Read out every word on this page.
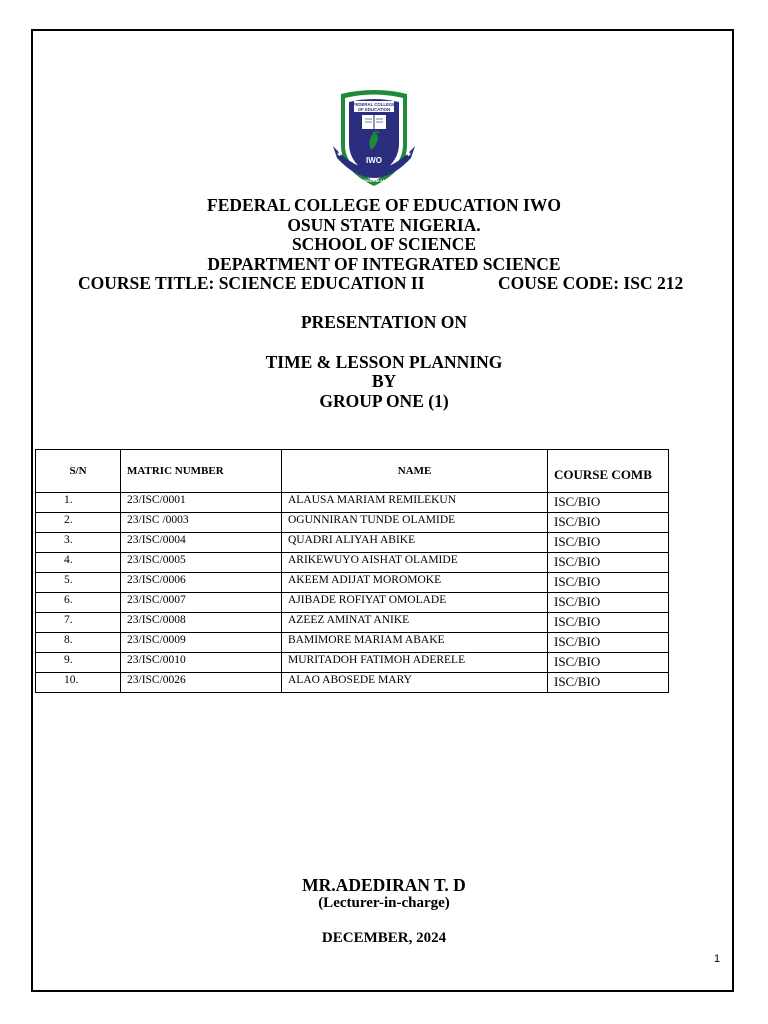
FEDERAL COLLEGE
OF EDUCATION
IWO
INTEGRITY, WISDOM AND DEFENCE
✱	✱
FEDERAL COLLEGE OF EDUCATION IWO
OSUN STATE NIGERIA.
SCHOOL OF SCIENCE
DEPARTMENT OF INTEGRATED SCIENCE
COURSE TITLE: SCIENCE EDUCATION II	COUSE CODE: ISC 212
PRESENTATION ON
TIME & LESSON PLANNING
BY
GROUP ONE (1)
S/N	MATRIC NUMBER	NAME	COURSE COMB
1.	23/ISC/0001	ALAUSA MARIAM REMILEKUN	ISC/BIO
2.	23/ISC /0003	OGUNNIRAN TUNDE OLAMIDE	ISC/BIO
3.	23/ISC/0004	QUADRI ALIYAH ABIKE	ISC/BIO
4.	23/ISC/0005	ARIKEWUYO AISHAT OLAMIDE	ISC/BIO
5.	23/ISC/0006	AKEEM ADIJAT MOROMOKE	ISC/BIO
6.	23/ISC/0007	AJIBADE ROFIYAT OMOLADE	ISC/BIO
7.	23/ISC/0008	AZEEZ AMINAT ANIKE	ISC/BIO
8.	23/ISC/0009	BAMIMORE MARIAM ABAKE	ISC/BIO
9.	23/ISC/0010	MURITADOH FATIMOH ADERELE	ISC/BIO
10.	23/ISC/0026	ALAO ABOSEDE MARY	ISC/BIO
MR.ADEDIRAN T. D
(Lecturer-in-charge)
DECEMBER, 2024
1
